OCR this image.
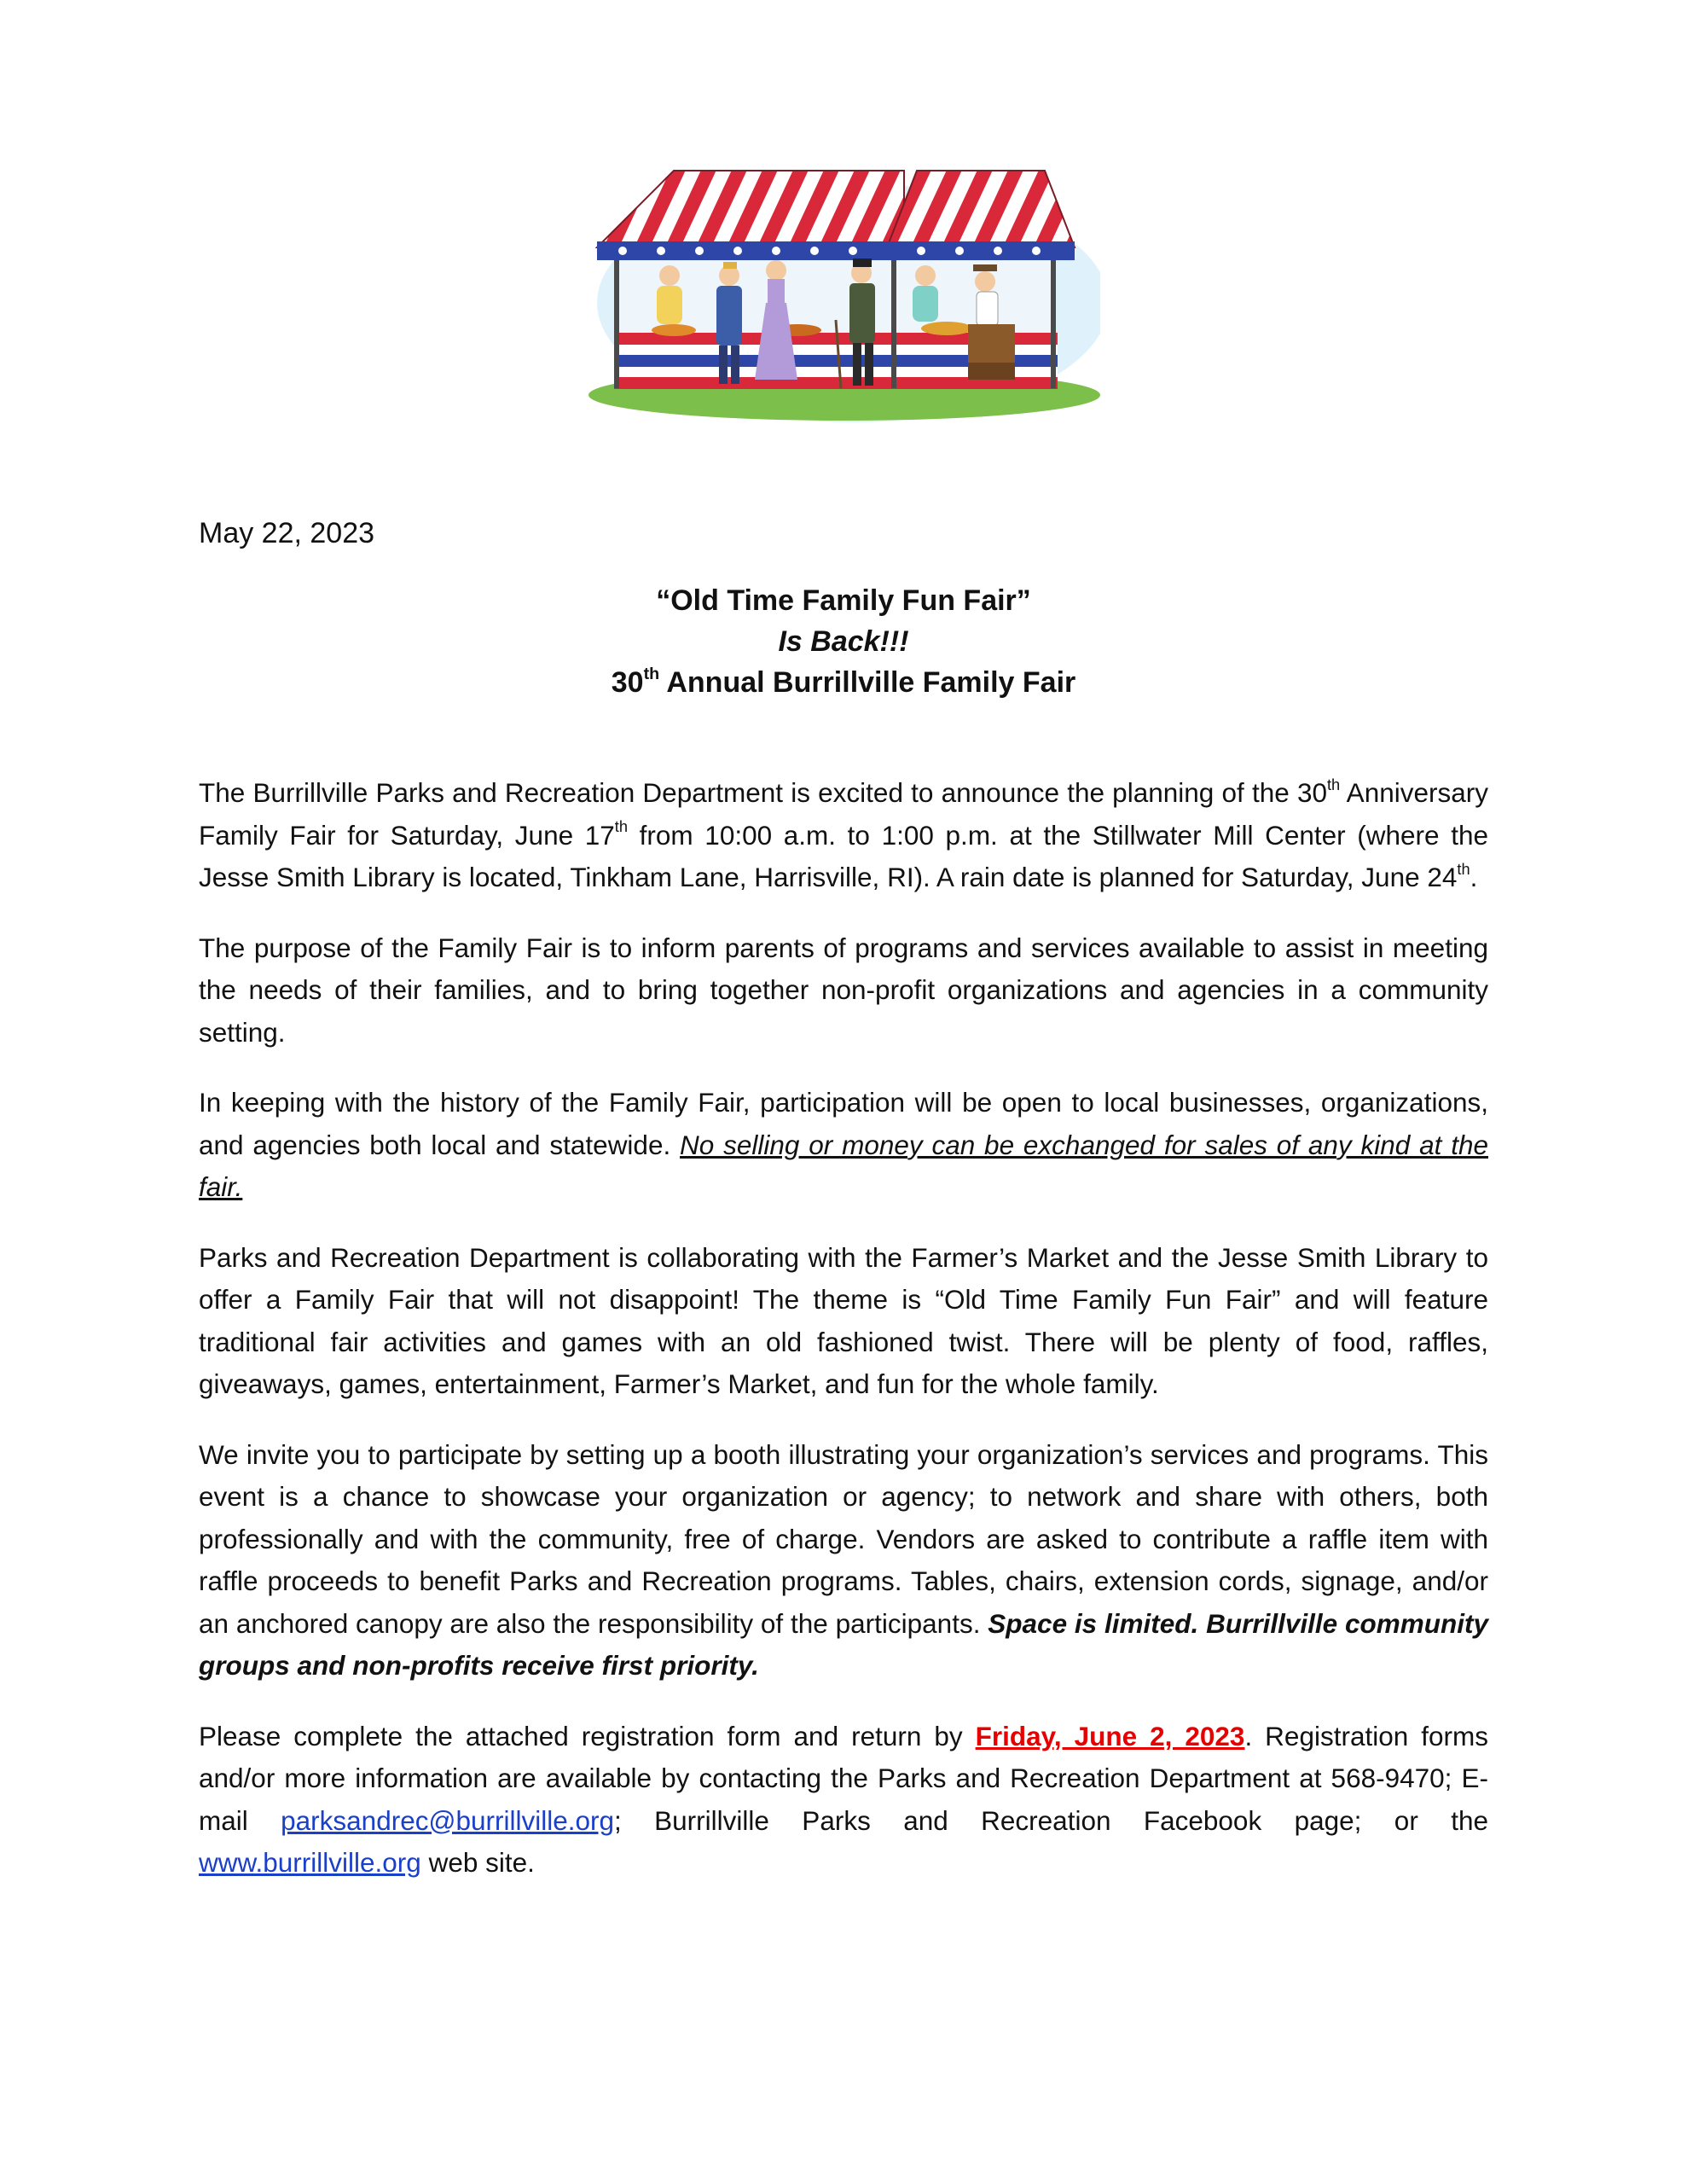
May 22, 2023
“Old Time Family Fun Fair”
Is Back!!!
30th Annual Burrillville Family Fair

The Burrillville Parks and Recreation Department is excited to announce the planning of the 30th Anniversary Family Fair for Saturday, June 17th from 10:00 a.m. to 1:00 p.m. at the Stillwater Mill Center (where the Jesse Smith Library is located, Tinkham Lane, Harrisville, RI). A rain date is planned for Saturday, June 24th.

The purpose of the Family Fair is to inform parents of programs and services available to assist in meeting the needs of their families, and to bring together non-profit organizations and agencies in a community setting.

In keeping with the history of the Family Fair, participation will be open to local businesses, organizations, and agencies both local and statewide. No selling or money can be exchanged for sales of any kind at the fair.

Parks and Recreation Department is collaborating with the Farmer’s Market and the Jesse Smith Library to offer a Family Fair that will not disappoint! The theme is “Old Time Family Fun Fair” and will feature traditional fair activities and games with an old fashioned twist. There will be plenty of food, raffles, giveaways, games, entertainment, Farmer’s Market, and fun for the whole family.

We invite you to participate by setting up a booth illustrating your organization’s services and programs. This event is a chance to showcase your organization or agency; to network and share with others, both professionally and with the community, free of charge. Vendors are asked to contribute a raffle item with raffle proceeds to benefit Parks and Recreation programs. Tables, chairs, extension cords, signage, and/or an anchored canopy are also the responsibility of the participants. Space is limited. Burrillville community groups and non-profits receive first priority.

Please complete the attached registration form and return by Friday, June 2, 2023. Registration forms and/or more information are available by contacting the Parks and Recreation Department at 568-9470; E-mail parksandrec@burrillville.org; Burrillville Parks and Recreation Facebook page; or the www.burrillville.org web site.
